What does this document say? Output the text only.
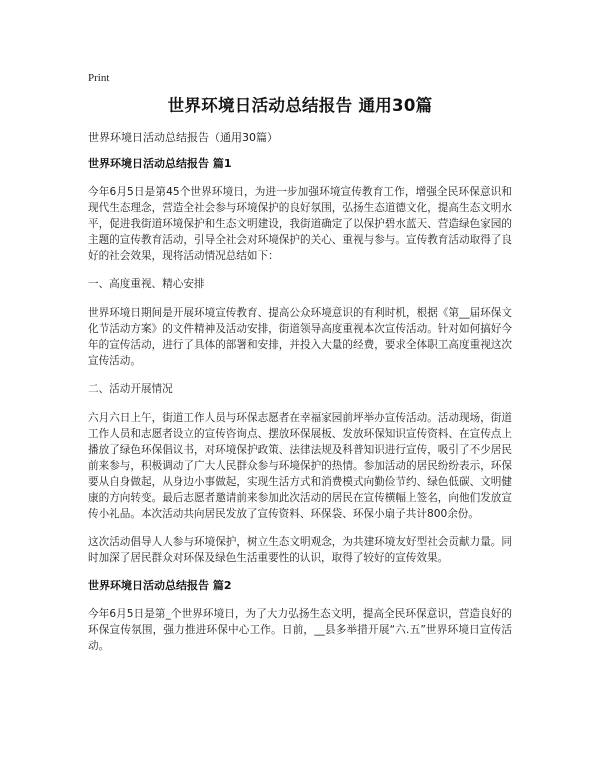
Print
世界环境日活动总结报告 通用30篇
世界环境日活动总结报告（通用30篇）
世界环境日活动总结报告 篇1
今年6月5日是第45个世界环境日，为进一步加强环境宣传教育工作，增强全民环保意识和现代生态理念，营造全社会参与环境保护的良好氛围，弘扬生态道德文化，提高生态文明水平，促进我街道环境保护和生态文明建设，我街道确定了以保护碧水蓝天、营造绿色家园的主题的宣传教育活动，引导全社会对环境保护的关心、重视与参与。宣传教育活动取得了良好的社会效果，现将活动情况总结如下：
一、高度重视、精心安排
世界环境日期间是开展环境宣传教育、提高公众环境意识的有利时机，根据《第__届环保文化节活动方案》的文件精神及活动安排，街道领导高度重视本次宣传活动。针对如何搞好今年的宣传活动，进行了具体的部署和安排，并投入大量的经费，要求全体职工高度重视这次宣传活动。
二、活动开展情况
六月六日上午，街道工作人员与环保志愿者在幸福家园前坪举办宣传活动。活动现场，街道工作人员和志愿者设立的宣传咨询点、摆放环保展板、发放环保知识宣传资料、在宣传点上播放了绿色环保倡议书，对环境保护政策、法律法规及科普知识进行宣传，吸引了不少居民前来参与，积极调动了广大人民群众参与环境保护的热情。参加活动的居民纷纷表示，环保要从自身做起，从身边小事做起，实现生活方式和消费模式向勤俭节约、绿色低碳、文明健康的方向转变。最后志愿者邀请前来参加此次活动的居民在宣传横幅上签名，向他们发放宣传小礼品。本次活动共向居民发放了宣传资料、环保袋、环保小扇子共计800余份。
这次活动倡导人人参与环境保护，树立生态文明观念，为共建环境友好型社会贡献力量。同时加深了居民群众对环保及绿色生活重要性的认识，取得了较好的宣传效果。
世界环境日活动总结报告 篇2
今年6月5日是第_个世界环境日，为了大力弘扬生态文明，提高全民环保意识，营造良好的环保宣传氛围，强力推进环保中心工作。日前，__县多举措开展“六.五”世界环境日宣传活动。
